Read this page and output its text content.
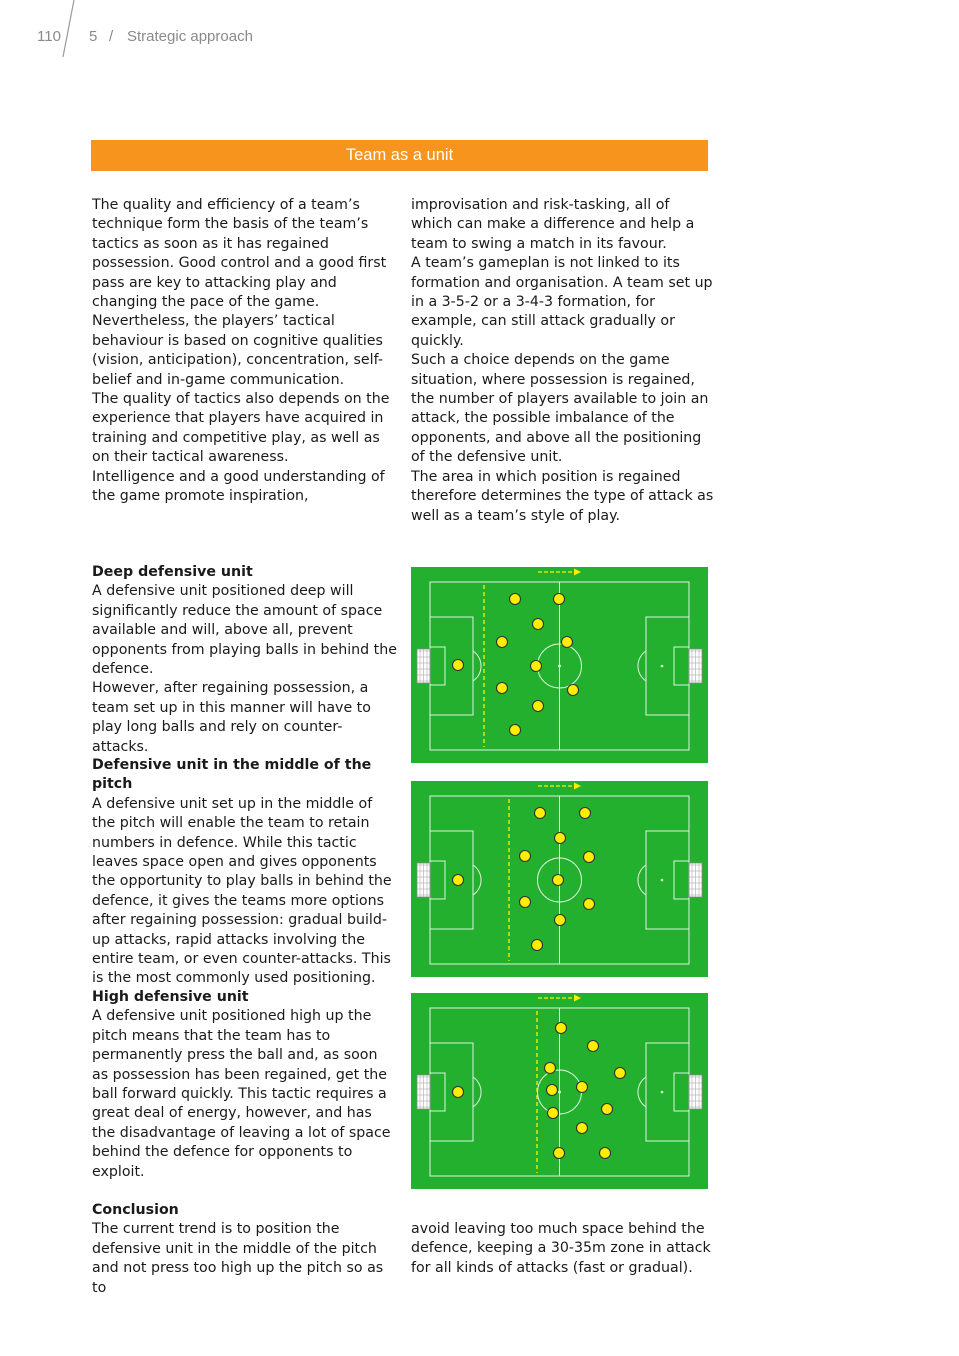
110 5 / Strategic approach
Team as a unit

The quality and efficiency of a team’s technique form the basis of the team’s tactics as soon as it has regained possession. Good control and a good first pass are key to attacking play and changing the pace of the game.

Nevertheless, the players’ tactical behaviour is based on cognitive qualities (vision, anticipation), concentration, self-belief and in-game communication.

The quality of tactics also depends on the experience that players have acquired in training and competitive play, as well as on their tactical awareness.

Intelligence and a good understanding of the game promote inspiration,

improvisation and risk-tasking, all of which can make a difference and help a team to swing a match in its favour.

A team’s gameplan is not linked to its formation and organisation. A team set up in a 3-5-2 or a 3-4-3 formation, for example, can still attack gradually or quickly.

Such a choice depends on the game situation, where possession is regained, the number of players available to join an attack, the possible imbalance of the opponents, and above all the positioning of the defensive unit.

The area in which position is regained therefore determines the type of attack as well as a team’s style of play.

Deep defensive unit

A defensive unit positioned deep will significantly reduce the amount of space available and will, above all, prevent opponents from playing balls in behind the defence.

However, after regaining possession, a team set up in this manner will have to play long balls and rely on counter-attacks.

Defensive unit in the middle of the pitch

A defensive unit set up in the middle of the pitch will enable the team to retain numbers in defence. While this tactic leaves space open and gives opponents the opportunity to play balls in behind the defence, it gives the teams more options after regaining possession: gradual build-up attacks, rapid attacks involving the entire team, or even counter-attacks. This is the most commonly used positioning.

High defensive unit

A defensive unit positioned high up the pitch means that the team has to permanently press the ball and, as soon as possession has been regained, get the ball forward quickly. This tactic requires a great deal of energy, however, and has the disadvantage of leaving a lot of space behind the defence for opponents to exploit.

Conclusion

The current trend is to position the defensive unit in the middle of the pitch and not press too high up the pitch so as to

avoid leaving too much space behind the defence, keeping a 30-35m zone in attack for all kinds of attacks (fast or gradual).
